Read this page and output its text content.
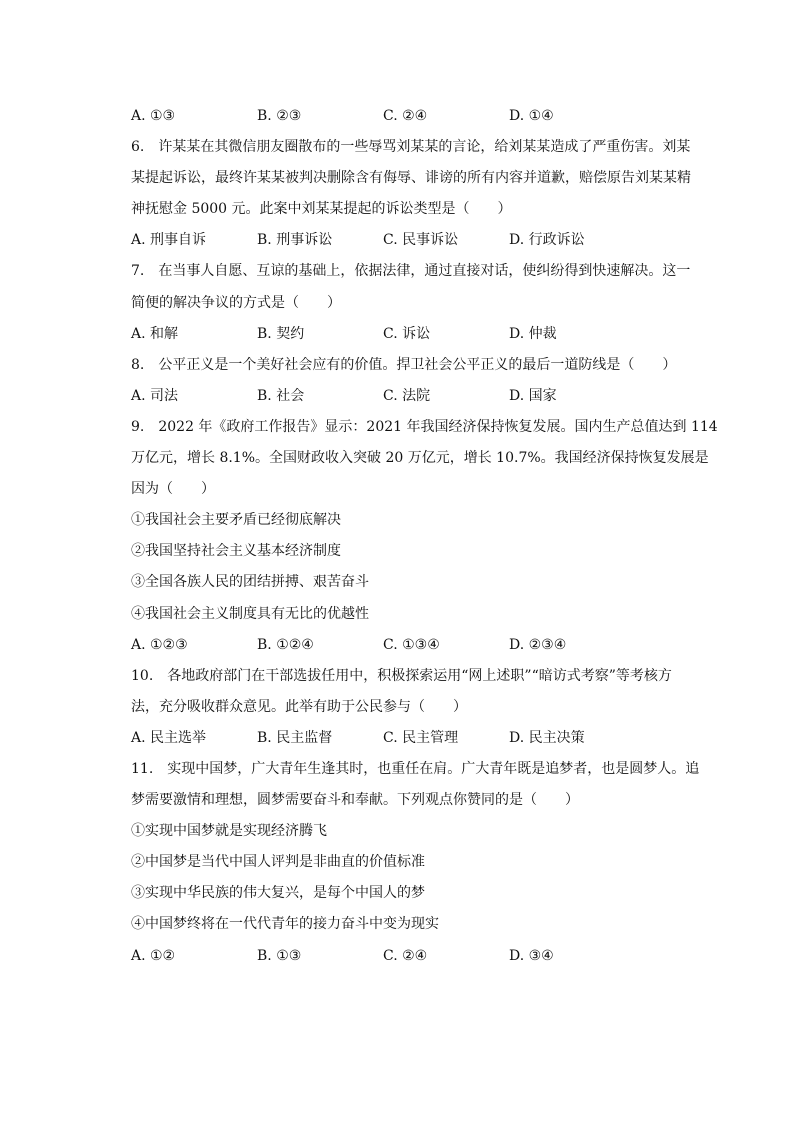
A. ①③	B. ②③	C. ②④	D. ①④
6.　许某某在其微信朋友圈散布的一些辱骂刘某某的言论，给刘某某造成了严重伤害。刘某
某提起诉讼，最终许某某被判决删除含有侮辱、诽谤的所有内容并道歉，赔偿原告刘某某精
神抚慰金 5000 元。此案中刘某某提起的诉讼类型是（　　）
A. 刑事自诉	B. 刑事诉讼	C. 民事诉讼	D. 行政诉讼
7.　在当事人自愿、互谅的基础上，依据法律，通过直接对话，使纠纷得到快速解决。这一
简便的解决争议的方式是（　　）
A. 和解	B. 契约	C. 诉讼	D. 仲裁
8.　公平正义是一个美好社会应有的价值。捍卫社会公平正义的最后一道防线是（　　）
A. 司法	B. 社会	C. 法院	D. 国家
9.　2022 年《政府工作报告》显示：2021 年我国经济保持恢复发展。国内生产总值达到 114
万亿元，增长 8.1%。全国财政收入突破 20 万亿元，增长 10.7%。我国经济保持恢复发展是
因为（　　）
①我国社会主要矛盾已经彻底解决
②我国坚持社会主义基本经济制度
③全国各族人民的团结拼搏、艰苦奋斗
④我国社会主义制度具有无比的优越性
A. ①②③	B. ①②④	C. ①③④	D. ②③④
10.　各地政府部门在干部选拔任用中，积极探索运用“网上述职”“暗访式考察”等考核方
法，充分吸收群众意见。此举有助于公民参与（　　）
A. 民主选举	B. 民主监督	C. 民主管理	D. 民主决策
11.　实现中国梦，广大青年生逢其时，也重任在肩。广大青年既是追梦者，也是圆梦人。追
梦需要激情和理想，圆梦需要奋斗和奉献。下列观点你赞同的是（　　）
①实现中国梦就是实现经济腾飞
②中国梦是当代中国人评判是非曲直的价值标准
③实现中华民族的伟大复兴，是每个中国人的梦
④中国梦终将在一代代青年的接力奋斗中变为现实
A. ①②	B. ①③	C. ②④	D. ③④
